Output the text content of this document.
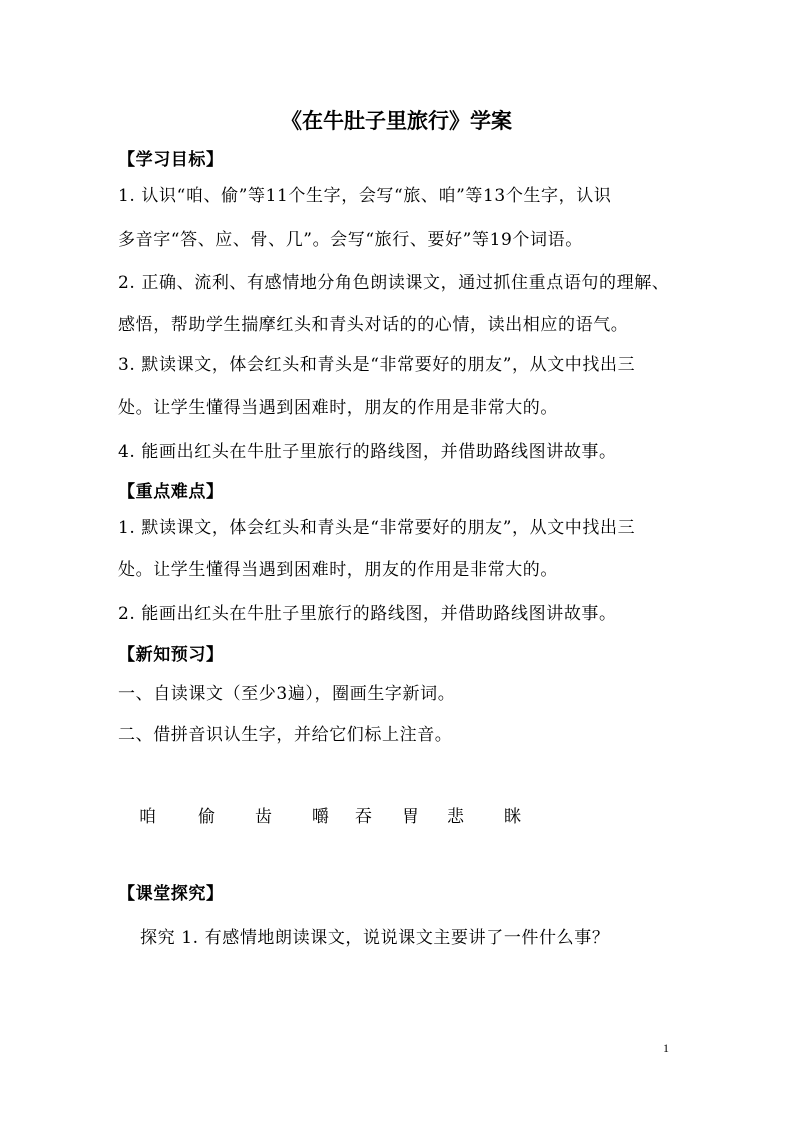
《在牛肚子里旅行》学案
【学习目标】
1. 认识“咱、偷”等11个生字，会写“旅、咱”等13个生字，认识
多音字“答、应、骨、几”。会写“旅行、要好”等19个词语。
2. 正确、流利、有感情地分角色朗读课文，通过抓住重点语句的理解、
感悟，帮助学生揣摩红头和青头对话的的心情，读出相应的语气。
3. 默读课文，体会红头和青头是“非常要好的朋友”，从文中找出三
处。让学生懂得当遇到困难时，朋友的作用是非常大的。
4. 能画出红头在牛肚子里旅行的路线图，并借助路线图讲故事。
【重点难点】
1. 默读课文，体会红头和青头是“非常要好的朋友”，从文中找出三
处。让学生懂得当遇到困难时，朋友的作用是非常大的。
2. 能画出红头在牛肚子里旅行的路线图，并借助路线图讲故事。
【新知预习】
一、自读课文（至少3遍），圈画生字新词。
二、借拼音识认生字，并给它们标上注音。
咱 偷 齿 嚼 吞 胃 悲 眯
【课堂探究】
探究 1. 有感情地朗读课文，说说课文主要讲了一件什么事？
1
